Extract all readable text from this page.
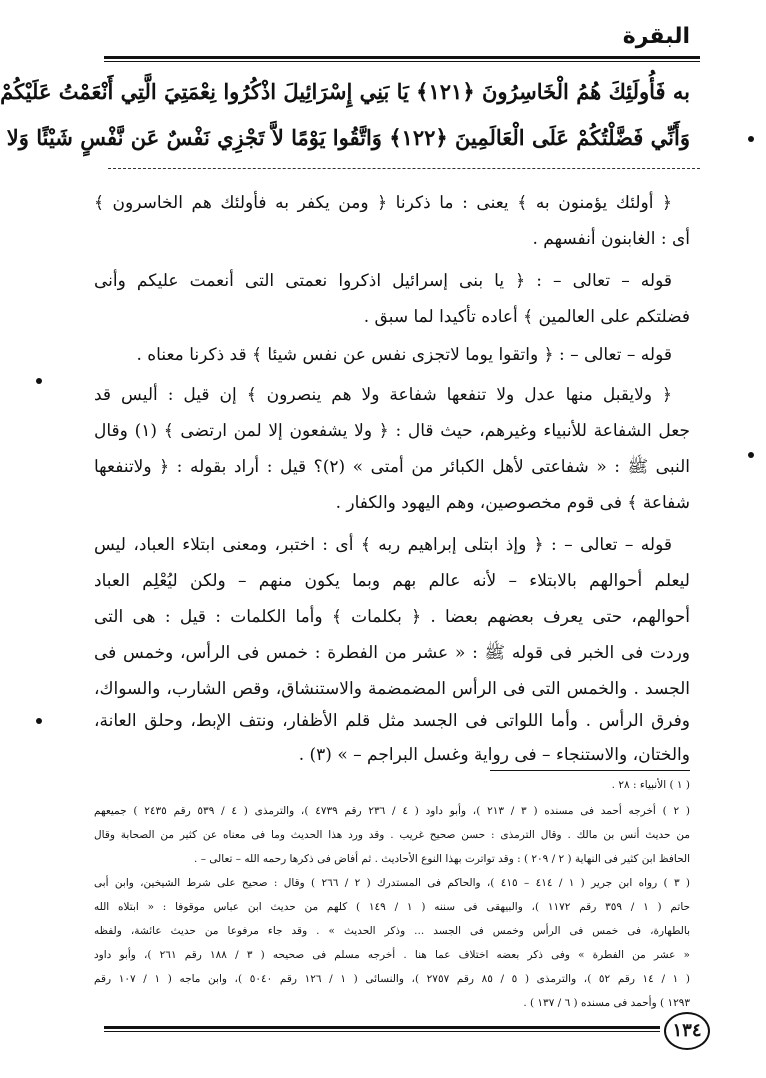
البقرة
به فَأُولَئِكَ هُمُ الْخَاسِرُونَ ﴿١٢١﴾ يَا بَنِي إِسْرَائِيلَ اذْكُرُوا نِعْمَتِيَ الَّتِي أَنْعَمْتُ عَلَيْكُمْ
وَأَنِّي فَضَّلْتُكُمْ عَلَى الْعَالَمِينَ ﴿١٢٢﴾ وَاتَّقُوا يَوْمًا لاَّ تَجْزِي نَفْسٌ عَن نَّفْسٍ شَيْئًا وَلا
﴿ أولئك يؤمنون به ﴾ يعنى : ما ذكرنا ﴿ ومن يكفر به فأولئك هم الخاسرون ﴾
أى : الغابنون أنفسهم .
قوله – تعالى – : ﴿ يا بنى إسرائيل اذكروا نعمتى التى أنعمت عليكم وأنى
فضلتكم على العالمين ﴾ أعاده تأكيدا لما سبق .
قوله – تعالى – : ﴿ واتقوا يوما لاتجزى نفس عن نفس شيئا ﴾ قد ذكرنا معناه .
﴿ ولايقبل منها عدل ولا تنفعها شفاعة ولا هم ينصرون ﴾ إن قيل : أليس قد
جعل الشفاعة للأنبياء وغيرهم، حيث قال : ﴿ ولا يشفعون إلا لمن ارتضى ﴾ (١) وقال
النبى ﷺ : « شفاعتى لأهل الكبائر من أمتى » (٢)؟ قيل : أراد بقوله : ﴿ ولاتنفعها
شفاعة ﴾ فى قوم مخصوصين، وهم اليهود والكفار .
قوله – تعالى – : ﴿ وإذ ابتلى إبراهيم ربه ﴾ أى : اختبر، ومعنى ابتلاء العباد، ليس
ليعلم أحوالهم بالابتلاء – لأنه عالم بهم وبما يكون منهم – ولكن ليُعْلِم العباد
أحوالهم، حتى يعرف بعضهم بعضا . ﴿ بكلمات ﴾ وأما الكلمات : قيل : هى التى
وردت فى الخبر فى قوله ﷺ : « عشر من الفطرة : خمس فى الرأس، وخمس فى
الجسد . والخمس التى فى الرأس المضمضمة والاستنشاق، وقص الشارب، والسواك،
وفرق الرأس . وأما اللواتى فى الجسد مثل قلم الأظفار، ونتف الإبط، وحلق العانة،
والختان، والاستنجاء – فى رواية وغسل البراجم – » (٣) .
( ١ ) الأنبياء : ٢٨ .
( ٢ ) أخرجه أحمد فى مسنده ( ٣ / ٢١٣ )، وأبو داود ( ٤ / ٢٣٦ رقم ٤٧٣٩ )، والترمذى ( ٤ / ٥٣٩ رقم ٢٤٣٥ ) جميعهم
من حديث أنس بن مالك . وقال الترمذى : حسن صحيح غريب . وقد ورد هذا الحديث وما فى معناه عن كثير من الصحابة وقال
الحافظ ابن كثير فى النهاية ( ٢ / ٢٠٩ ) : وقد تواترت بهذا النوع الأحاديث . ثم أفاض فى ذكرها رحمه الله – تعالى – .
( ٣ ) رواه ابن جرير ( ١ / ٤١٤ – ٤١٥ )، والحاكم فى المستدرك ( ٢ / ٢٦٦ ) وقال : صحيح على شرط الشيخين، وابن أبى
حاتم ( ١ / ٣٥٩ رقم ١١٧٢ )، والبيهقى فى سننه ( ١ / ١٤٩ ) كلهم من حديث ابن عباس موقوفا : « ابتلاه الله
بالطهارة، فى خمس فى الرأس وخمس فى الجسد ... وذكر الحديث » . وقد جاء مرفوعا من حديث عائشة، ولفظه
« عشر من الفطرة » وفى ذكر بعضه اختلاف عما هنا . أخرجه مسلم فى صحيحه ( ٣ / ١٨٨ رقم ٢٦١ )، وأبو داود
( ١ / ١٤ رقم ٥٢ )، والترمذى ( ٥ / ٨٥ رقم ٢٧٥٧ )، والنسائى ( ١ / ١٢٦ رقم ٥٠٤٠ )، وابن ماجه ( ١ / ١٠٧ رقم
١٢٩٣ ) وأحمد فى مسنده ( ٦ / ١٣٧ ) .
١٣٤
